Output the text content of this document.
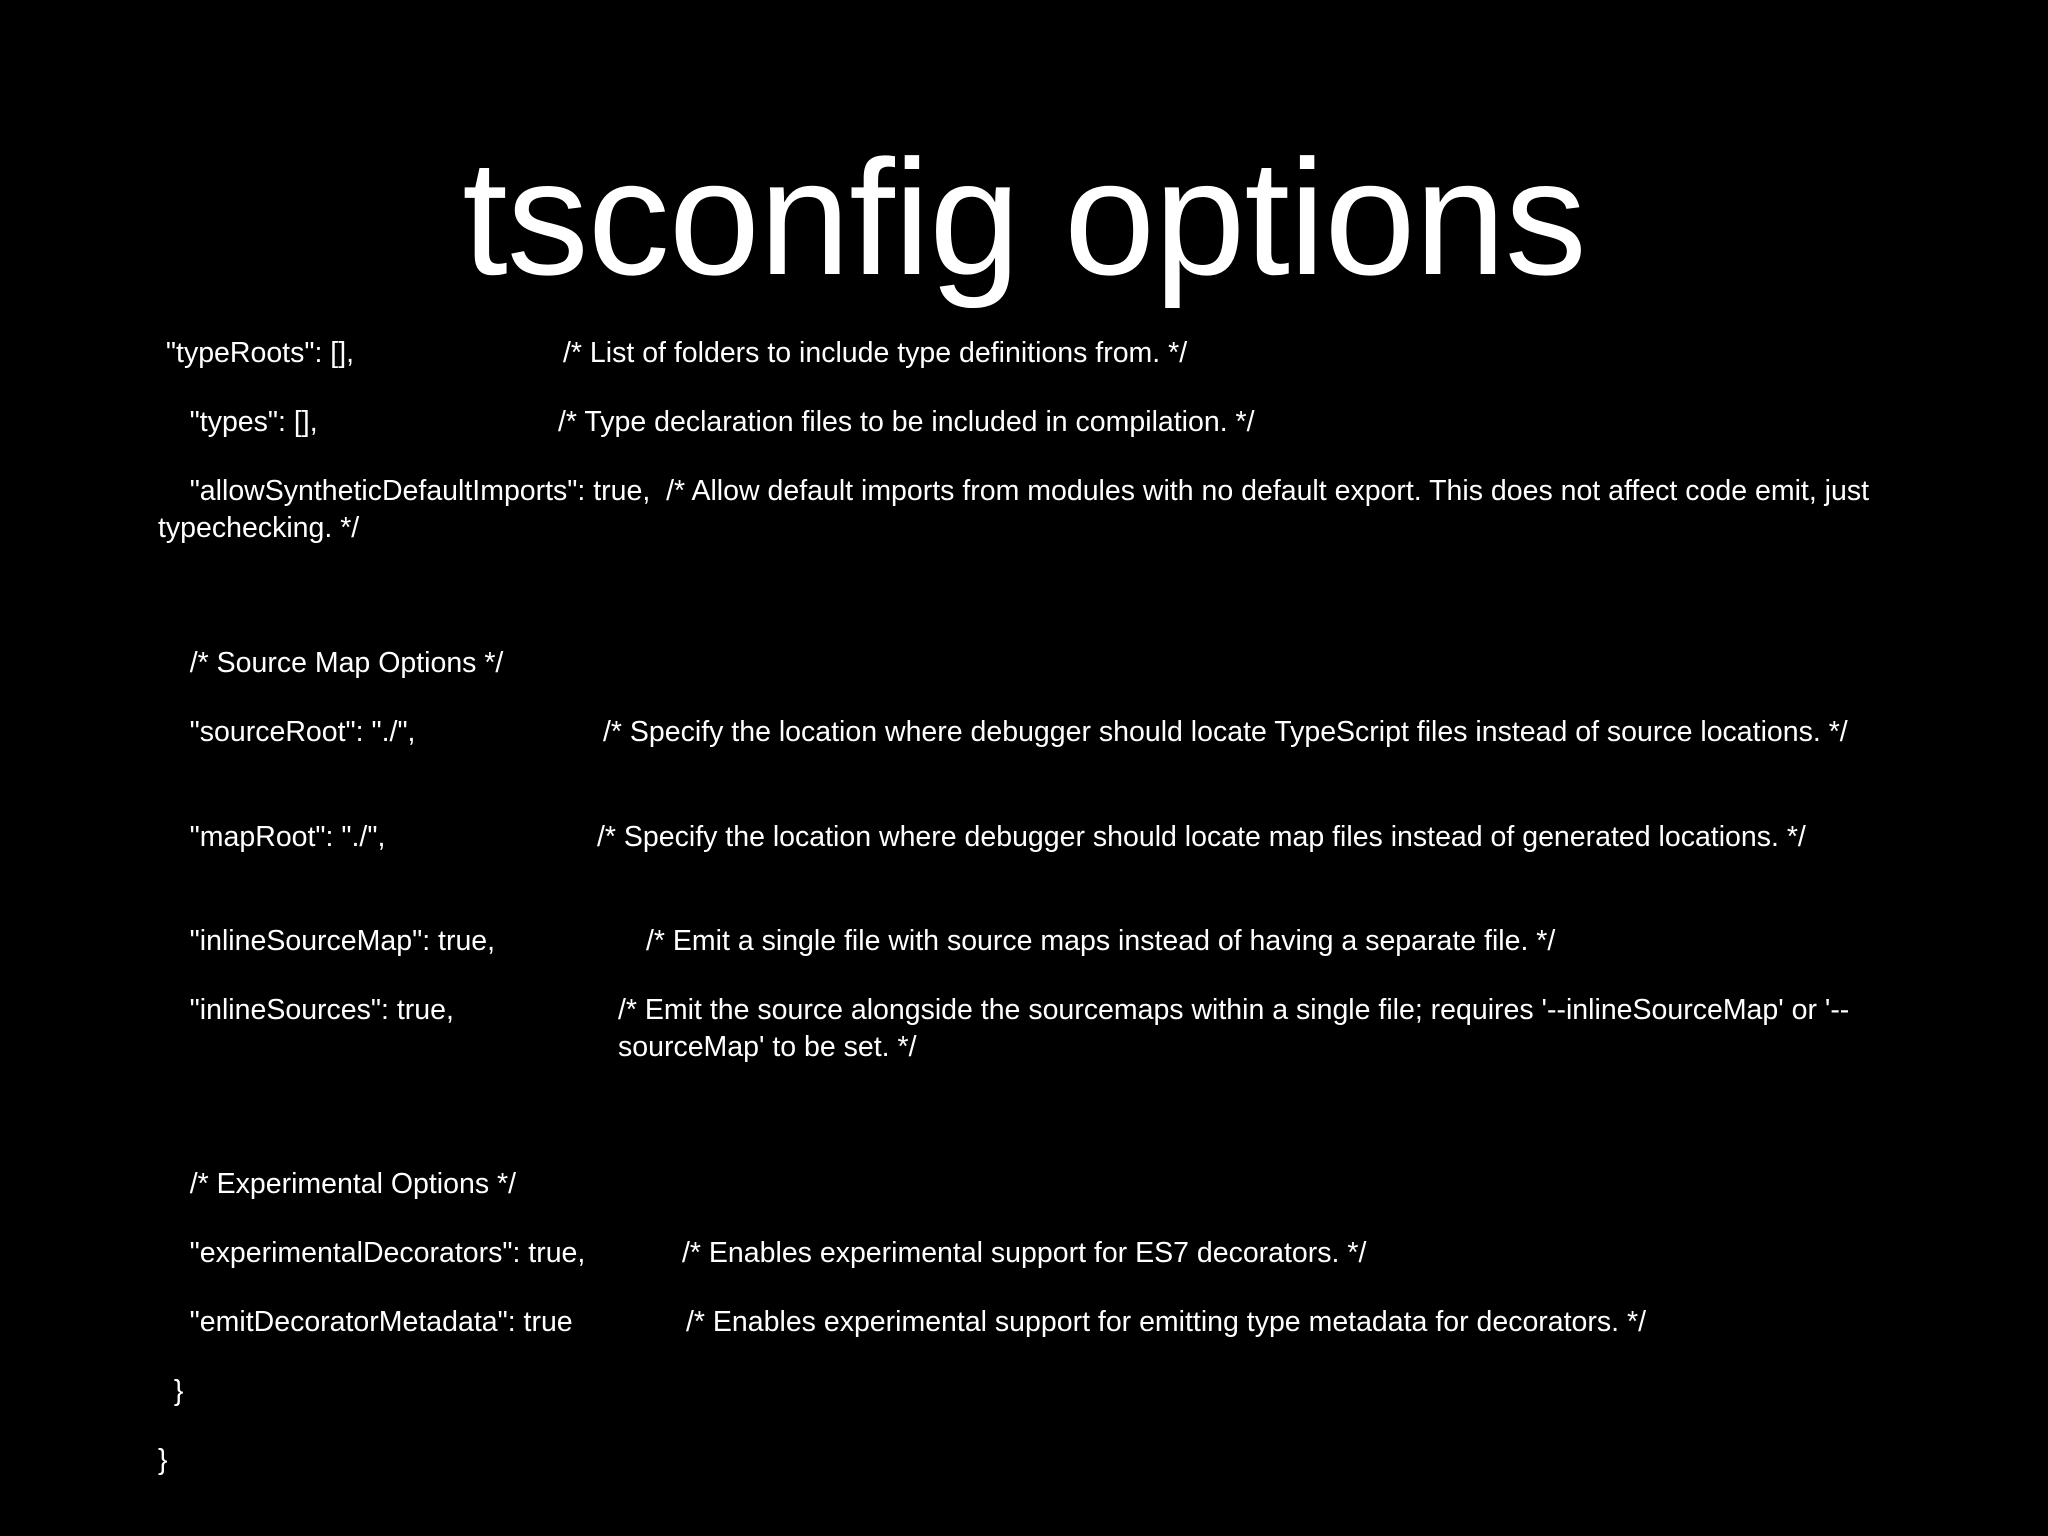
tsconfig options
"typeRoots": [],	/* List of folders to include type definitions from. */
"types": [],	/* Type declaration files to be included in compilation. */
"allowSyntheticDefaultImports": true,  /* Allow default imports from modules with no default export. This does not affect code emit, just typechecking. */
/* Source Map Options */
"sourceRoot": "./",	/* Specify the location where debugger should locate TypeScript files instead of source locations. */
"mapRoot": "./",	/* Specify the location where debugger should locate map files instead of generated locations. */
"inlineSourceMap": true,	/* Emit a single file with source maps instead of having a separate file. */
"inlineSources": true,	/* Emit the source alongside the sourcemaps within a single file; requires '--inlineSourceMap' or '--sourceMap' to be set. */
/* Experimental Options */
"experimentalDecorators": true,	/* Enables experimental support for ES7 decorators. */
"emitDecoratorMetadata": true	/* Enables experimental support for emitting type metadata for decorators. */
}
}
